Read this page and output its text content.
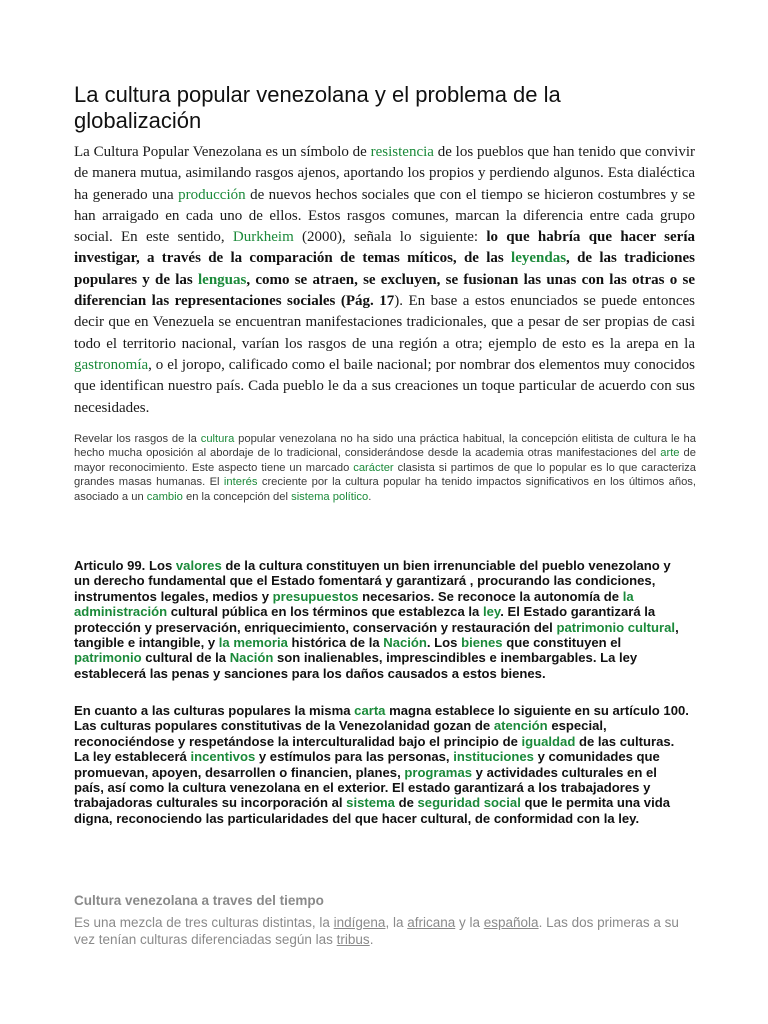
La cultura popular venezolana y el problema de la globalización

La Cultura Popular Venezolana es un símbolo de resistencia de los pueblos que han tenido que convivir de manera mutua, asimilando rasgos ajenos, aportando los propios y perdiendo algunos. Esta dialéctica ha generado una producción de nuevos hechos sociales que con el tiempo se hicieron costumbres y se han arraigado en cada uno de ellos. Estos rasgos comunes, marcan la diferencia entre cada grupo social. En este sentido, Durkheim (2000), señala lo siguiente: lo que habría que hacer sería investigar, a través de la comparación de temas míticos, de las leyendas, de las tradiciones populares y de las lenguas, como se atraen, se excluyen, se fusionan las unas con las otras o se diferencian las representaciones sociales (Pág. 17). En base a estos enunciados se puede entonces decir que en Venezuela se encuentran manifestaciones tradicionales, que a pesar de ser propias de casi todo el territorio nacional, varían los rasgos de una región a otra; ejemplo de esto es la arepa en la gastronomía, o el joropo, calificado como el baile nacional; por nombrar dos elementos muy conocidos que identifican nuestro país. Cada pueblo le da a sus creaciones un toque particular de acuerdo con sus necesidades.

Revelar los rasgos de la cultura popular venezolana no ha sido una práctica habitual, la concepción elitista de cultura le ha hecho mucha oposición al abordaje de lo tradicional, considerándose desde la academia otras manifestaciones del arte de mayor reconocimiento. Este aspecto tiene un marcado carácter clasista si partimos de que lo popular es lo que caracteriza grandes masas humanas. El interés creciente por la cultura popular ha tenido impactos significativos en los últimos años, asociado a un cambio en la concepción del sistema político.

Articulo 99. Los valores de la cultura constituyen un bien irrenunciable del pueblo venezolano y un derecho fundamental que el Estado fomentará y garantizará , procurando las condiciones, instrumentos legales, medios y presupuestos necesarios. Se reconoce la autonomía de la administración cultural pública en los términos que establezca la ley. El Estado garantizará la protección y preservación, enriquecimiento, conservación y restauración del patrimonio cultural, tangible e intangible, y la memoria histórica de la Nación. Los bienes que constituyen el patrimonio cultural de la Nación son inalienables, imprescindibles e inembargables. La ley establecerá las penas y sanciones para los daños causados a estos bienes.

En cuanto a las culturas populares la misma carta magna establece lo siguiente en su artículo 100.
Las culturas populares constitutivas de la Venezolanidad gozan de atención especial, reconociéndose y respetándose la interculturalidad bajo el principio de igualdad de las culturas. La ley establecerá incentivos y estímulos para las personas, instituciones y comunidades que promuevan, apoyen, desarrollen o financien, planes, programas y actividades culturales en el país, así como la cultura venezolana en el exterior. El estado garantizará a los trabajadores y trabajadoras culturales su incorporación al sistema de seguridad social que le permita una vida digna, reconociendo las particularidades del que hacer cultural, de conformidad con la ley.

Cultura venezolana a traves del tiempo

Es una mezcla de tres culturas distintas, la indígena, la africana y la española. Las dos primeras a su vez tenían culturas diferenciadas según las tribus.
